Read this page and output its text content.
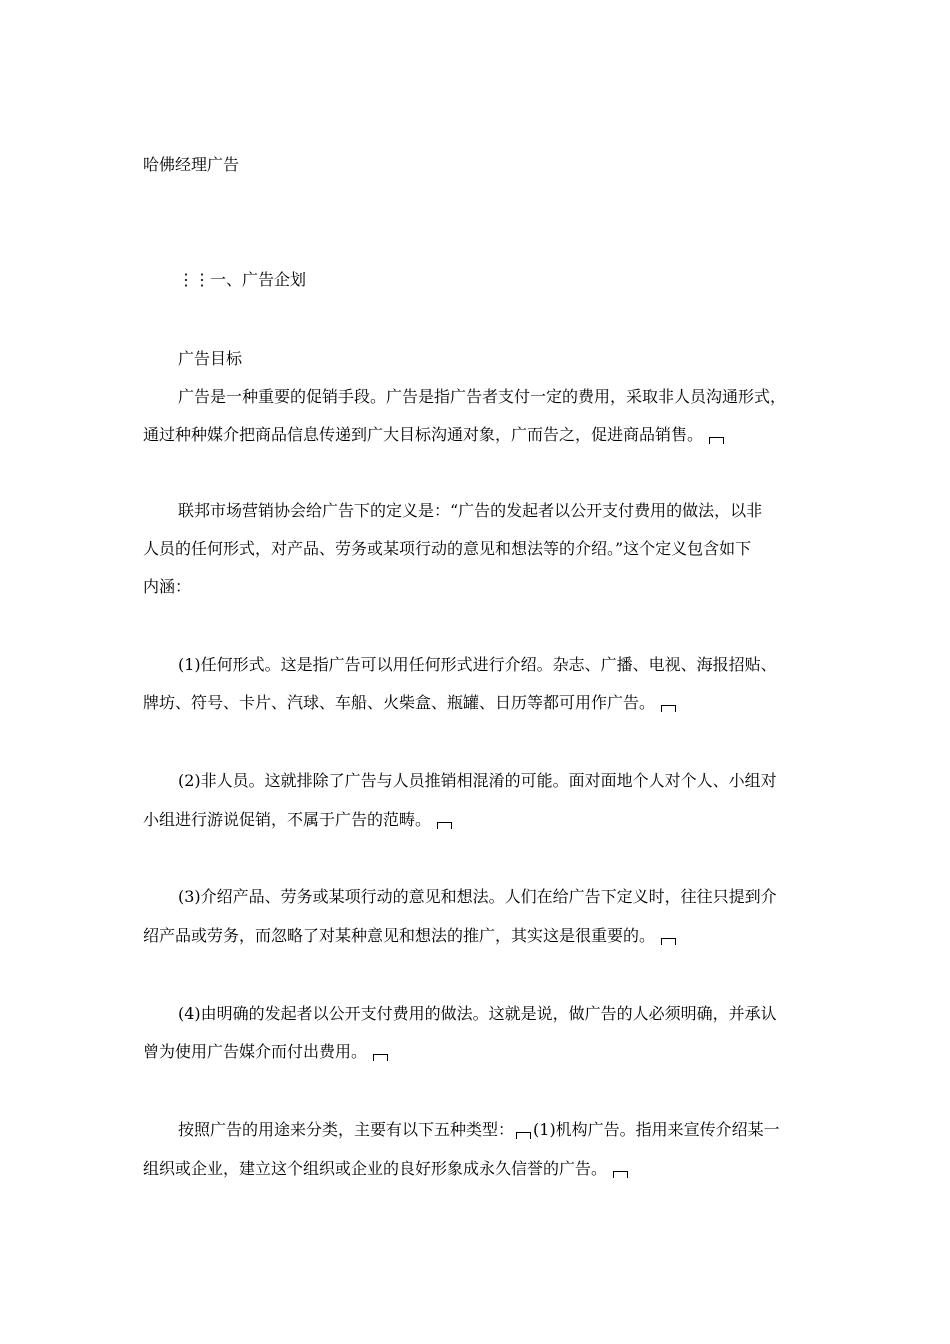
哈佛经理广告
⋮⋮一、广告企划
广告目标
广告是一种重要的促销手段。广告是指广告者支付一定的费用，采取非人员沟通形式，
通过种种媒介把商品信息传递到广大目标沟通对象，广而告之，促进商品销售。
联邦市场营销协会给广告下的定义是：“广告的发起者以公开支付费用的做法，以非
人员的任何形式，对产品、劳务或某项行动的意见和想法等的介绍。”这个定义包含如下
内涵：
(1)任何形式。这是指广告可以用任何形式进行介绍。杂志、广播、电视、海报招贴、
牌坊、符号、卡片、汽球、车船、火柴盒、瓶罐、日历等都可用作广告。
(2)非人员。这就排除了广告与人员推销相混淆的可能。面对面地个人对个人、小组对
小组进行游说促销，不属于广告的范畴。
(3)介绍产品、劳务或某项行动的意见和想法。人们在给广告下定义时，往往只提到介
绍产品或劳务，而忽略了对某种意见和想法的推广，其实这是很重要的。
(4)由明确的发起者以公开支付费用的做法。这就是说，做广告的人必须明确，并承认
曾为使用广告媒介而付出费用。
按照广告的用途来分类，主要有以下五种类型： (1)机构广告。指用来宣传介绍某一
组织或企业，建立这个组织或企业的良好形象成永久信誉的广告。
